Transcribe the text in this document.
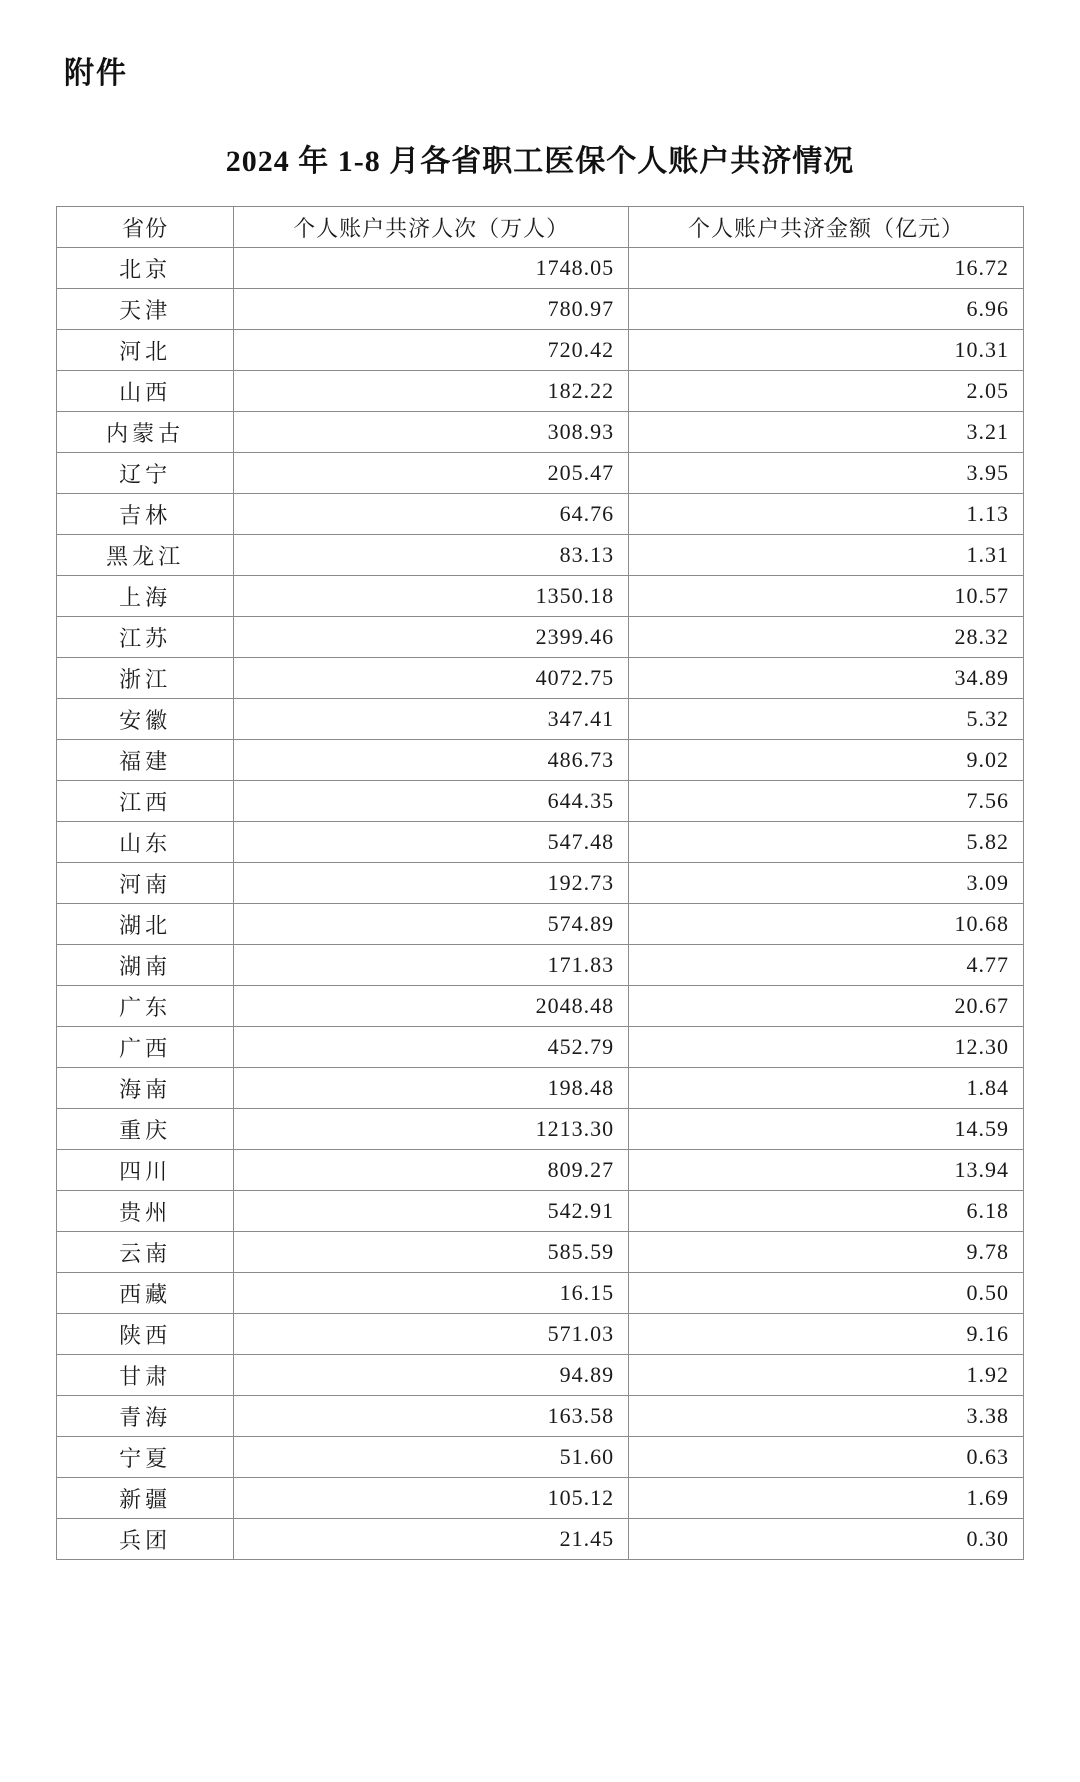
附件
2024 年 1-8 月各省职工医保个人账户共济情况
省份	个人账户共济人次（万人）	个人账户共济金额（亿元）
北京	1748.05	16.72
天津	780.97	6.96
河北	720.42	10.31
山西	182.22	2.05
内蒙古	308.93	3.21
辽宁	205.47	3.95
吉林	64.76	1.13
黑龙江	83.13	1.31
上海	1350.18	10.57
江苏	2399.46	28.32
浙江	4072.75	34.89
安徽	347.41	5.32
福建	486.73	9.02
江西	644.35	7.56
山东	547.48	5.82
河南	192.73	3.09
湖北	574.89	10.68
湖南	171.83	4.77
广东	2048.48	20.67
广西	452.79	12.30
海南	198.48	1.84
重庆	1213.30	14.59
四川	809.27	13.94
贵州	542.91	6.18
云南	585.59	9.78
西藏	16.15	0.50
陕西	571.03	9.16
甘肃	94.89	1.92
青海	163.58	3.38
宁夏	51.60	0.63
新疆	105.12	1.69
兵团	21.45	0.30
